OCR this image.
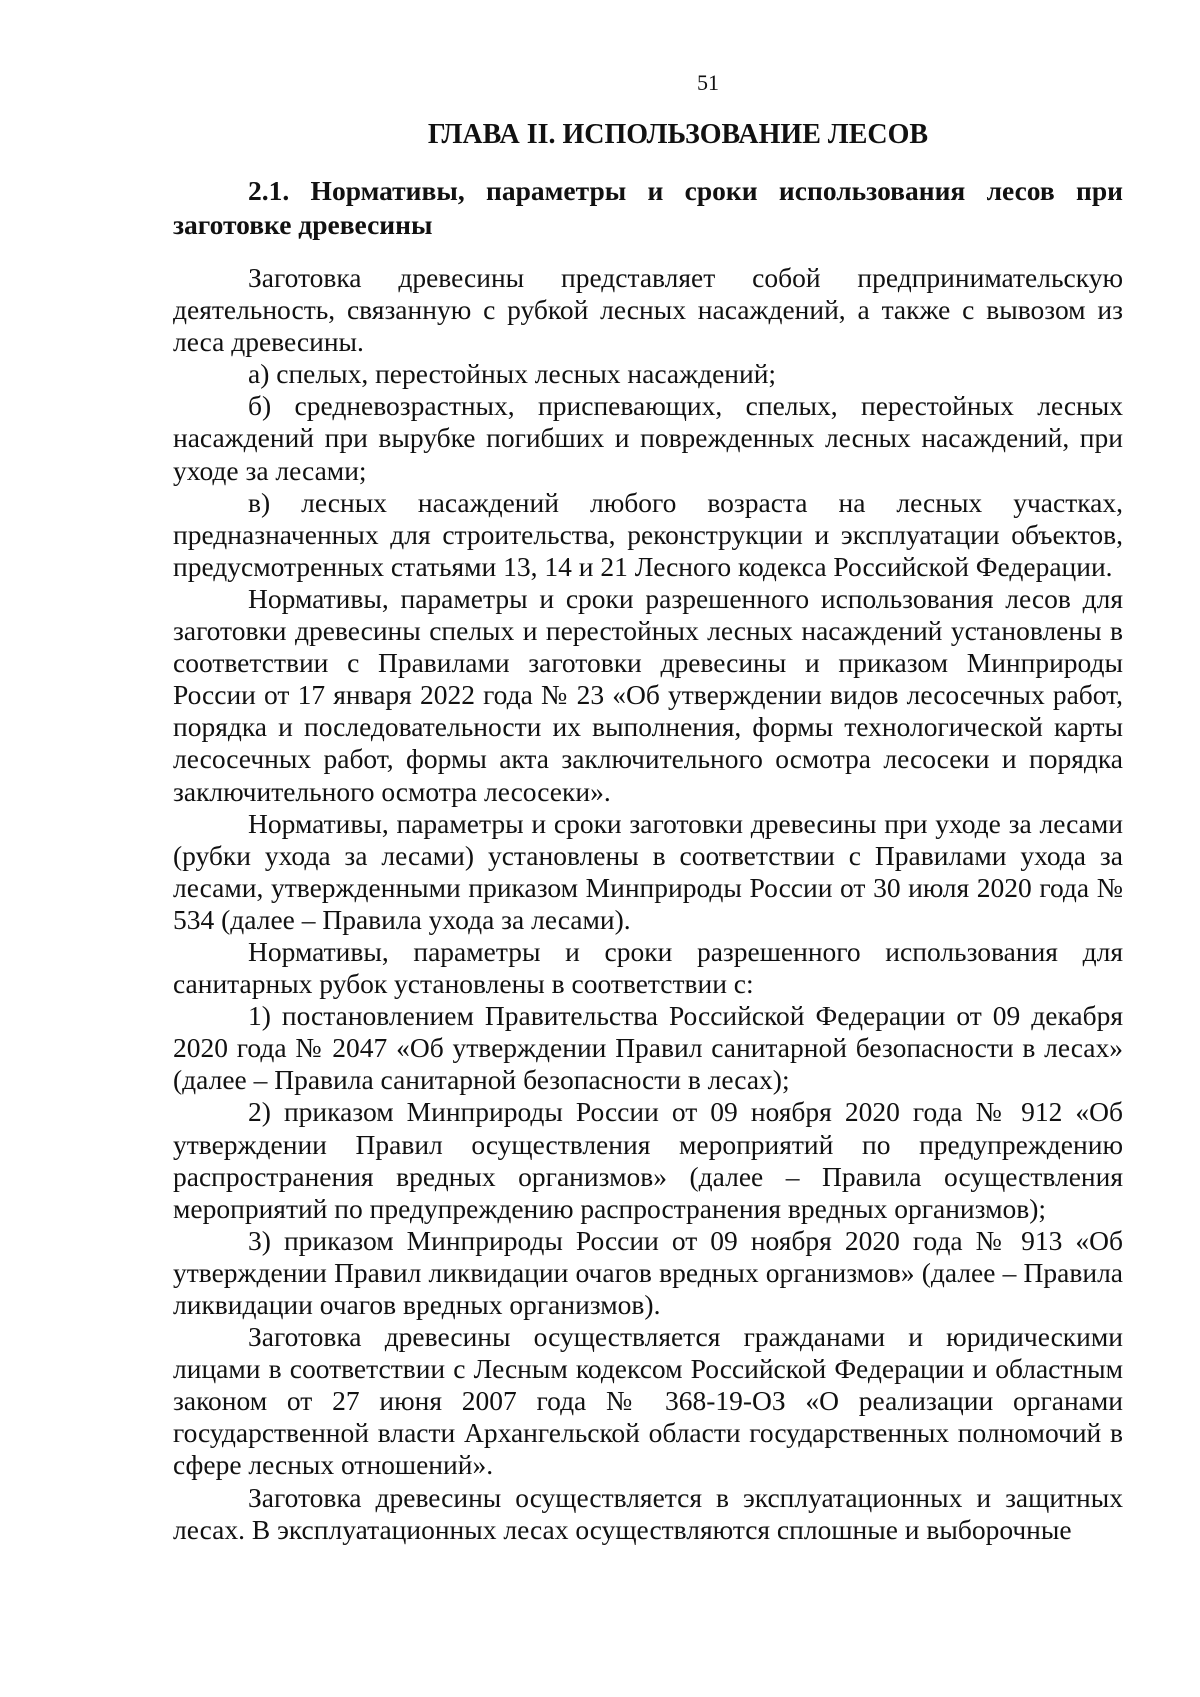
51
ГЛАВА II. ИСПОЛЬЗОВАНИЕ ЛЕСОВ
2.1. Нормативы, параметры и сроки использования лесов при заготовке древесины

Заготовка древесины представляет собой предпринимательскую деятельность, связанную с рубкой лесных насаждений, а также с вывозом из леса древесины.

а) спелых, перестойных лесных насаждений;

б) средневозрастных, приспевающих, спелых, перестойных лесных насаждений при вырубке погибших и поврежденных лесных насаждений, при уходе за лесами;

в) лесных насаждений любого возраста на лесных участках, предназначенных для строительства, реконструкции и эксплуатации объектов, предусмотренных статьями 13, 14 и 21 Лесного кодекса Российской Федерации.

Нормативы, параметры и сроки разрешенного использования лесов для заготовки древесины спелых и перестойных лесных насаждений установлены в соответствии с Правилами заготовки древесины и приказом Минприроды России от 17 января 2022 года № 23 «Об утверждении видов лесосечных работ, порядка и последовательности их выполнения, формы технологической карты лесосечных работ, формы акта заключительного осмотра лесосеки и порядка заключительного осмотра лесосеки».

Нормативы, параметры и сроки заготовки древесины при уходе за лесами (рубки ухода за лесами) установлены в соответствии с Правилами ухода за лесами, утвержденными приказом Минприроды России от 30 июля 2020 года № 534 (далее – Правила ухода за лесами).

Нормативы, параметры и сроки разрешенного использования для санитарных рубок установлены в соответствии с:

1) постановлением Правительства Российской Федерации от 09 декабря 2020 года № 2047 «Об утверждении Правил санитарной безопасности в лесах» (далее – Правила санитарной безопасности в лесах);

2) приказом Минприроды России от 09 ноября 2020 года № 912 «Об утверждении Правил осуществления мероприятий по предупреждению распространения вредных организмов» (далее – Правила осуществления мероприятий по предупреждению распространения вредных организмов);

3) приказом Минприроды России от 09 ноября 2020 года № 913 «Об утверждении Правил ликвидации очагов вредных организмов» (далее – Правила ликвидации очагов вредных организмов).

Заготовка древесины осуществляется гражданами и юридическими лицами в соответствии с Лесным кодексом Российской Федерации и областным законом от 27 июня 2007 года № 368-19-ОЗ «О реализации органами государственной власти Архангельской области государственных полномочий в сфере лесных отношений».

Заготовка древесины осуществляется в эксплуатационных и защитных лесах. В эксплуатационных лесах осуществляются сплошные и выборочные
